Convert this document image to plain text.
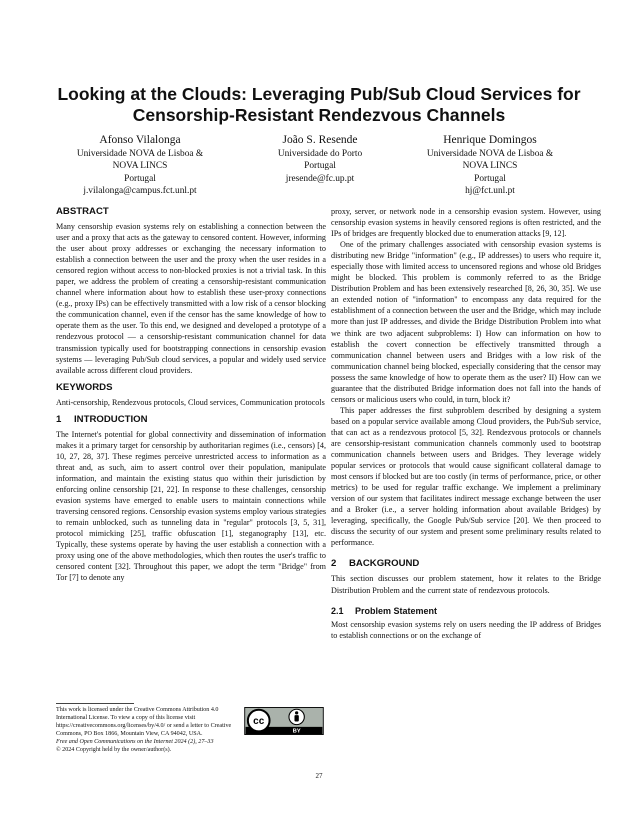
Looking at the Clouds: Leveraging Pub/Sub Cloud Services for Censorship-Resistant Rendezvous Channels
Afonso Vilalonga
Universidade NOVA de Lisboa &
NOVA LINCS
Portugal
j.vilalonga@campus.fct.unl.pt
João S. Resende
Universidade do Porto
Portugal
jresende@fc.up.pt
Henrique Domingos
Universidade NOVA de Lisboa &
NOVA LINCS
Portugal
hj@fct.unl.pt
ABSTRACT

Many censorship evasion systems rely on establishing a connection between the user and a proxy that acts as the gateway to censored content. However, informing the user about proxy addresses or exchanging the necessary information to establish a connection between the user and the proxy when the user resides in a censored region without access to non-blocked proxies is not a trivial task. In this paper, we address the problem of creating a censorship-resistant communication channel where information about how to establish these user-proxy connections (e.g., proxy IPs) can be effectively transmitted with a low risk of a censor blocking the communication channel, even if the censor has the same knowledge of how to operate them as the user. To this end, we designed and developed a prototype of a rendezvous protocol — a censorship-resistant communication channel for data transmission typically used for bootstrapping connections in censorship evasion systems — leveraging Pub/Sub cloud services, a popular and widely used service available across different cloud providers.

KEYWORDS

Anti-censorship, Rendezvous protocols, Cloud services, Communication protocols

1 INTRODUCTION

The Internet's potential for global connectivity and dissemination of information makes it a primary target for censorship by authoritarian regimes (i.e., censors) [4, 10, 27, 28, 37]. These regimes perceive unrestricted access to information as a threat and, as such, aim to assert control over their population, manipulate information, and maintain the existing status quo within their jurisdiction by enforcing online censorship [21, 22]. In response to these challenges, censorship evasion systems have emerged to enable users to maintain connections while traversing censored regions. Censorship evasion systems employ various strategies to remain unblocked, such as tunneling data in "regular" protocols [3, 5, 31], protocol mimicking [25], traffic obfuscation [1], steganography [13], etc. Typically, these systems operate by having the user establish a connection with a proxy using one of the above methodologies, which then routes the user's traffic to censored content [32]. Throughout this paper, we adopt the term "Bridge" from Tor [7] to denote any

This work is licensed under the Creative Commons Attribution 4.0 International License. To view a copy of this license visit https://creativecommons.org/licenses/by/4.0/ or send a letter to Creative Commons, PO Box 1866, Mountain View, CA 94042, USA.
Free and Open Communications on the Internet 2024 (2), 27–33
© 2024 Copyright held by the owner/author(s).
cc
BY

proxy, server, or network node in a censorship evasion system. However, using censorship evasion systems in heavily censored regions is often restricted, and the IPs of bridges are frequently blocked due to enumeration attacks [9, 12].

One of the primary challenges associated with censorship evasion systems is distributing new Bridge "information" (e.g., IP addresses) to users who require it, especially those with limited access to uncensored regions and whose old Bridges might be blocked. This problem is commonly referred to as the Bridge Distribution Problem and has been extensively researched [8, 26, 30, 35]. We use an extended notion of "information" to encompass any data required for the establishment of a connection between the user and the Bridge, which may include more than just IP addresses, and divide the Bridge Distribution Problem into what we think are two adjacent subproblems: I) How can information on how to establish the covert connection be effectively transmitted through a communication channel between users and Bridges with a low risk of the communication channel being blocked, especially considering that the censor may possess the same knowledge of how to operate them as the user? II) How can we guarantee that the distributed Bridge information does not fall into the hands of censors or malicious users who could, in turn, block it?

This paper addresses the first subproblem described by designing a system based on a popular service available among Cloud providers, the Pub/Sub service, that can act as a rendezvous protocol [5, 32]. Rendezvous protocols or channels are censorship-resistant communication channels commonly used to bootstrap communication channels between users and Bridges. They leverage widely popular services or protocols that would cause significant collateral damage to most censors if blocked but are too costly (in terms of performance, price, or other metrics) to be used for regular traffic exchange. We implement a preliminary version of our system that facilitates indirect message exchange between the user and a Broker (i.e., a server holding information about available Bridges) by leveraging, specifically, the Google Pub/Sub service [20]. We then proceed to discuss the security of our system and present some preliminary results related to performance.

2 BACKGROUND

This section discusses our problem statement, how it relates to the Bridge Distribution Problem and the current state of rendezvous protocols.

2.1 Problem Statement

Most censorship evasion systems rely on users needing the IP address of Bridges to establish connections or on the exchange of

27
